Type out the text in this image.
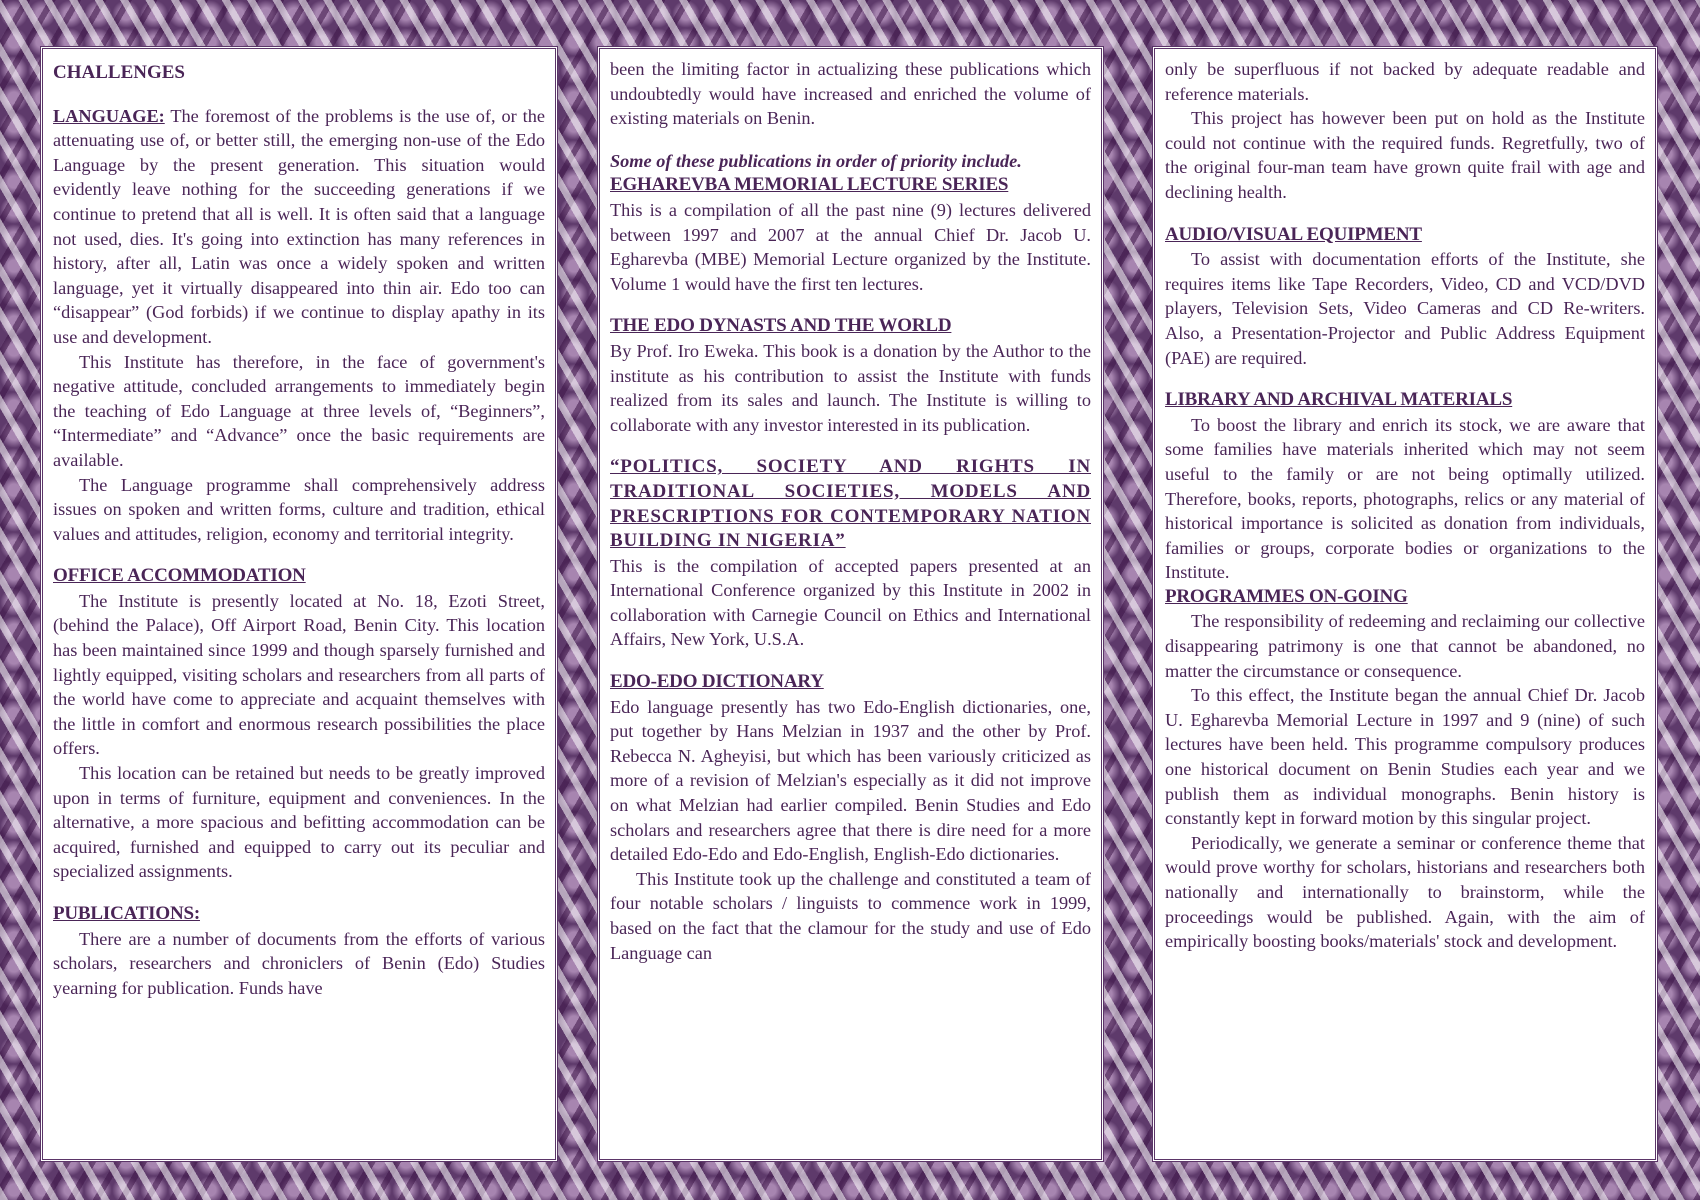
CHALLENGES

LANGUAGE: The foremost of the problems is the use of, or the attenuating use of, or better still, the emerging non-use of the Edo Language by the present generation. This situation would evidently leave nothing for the succeeding generations if we continue to pretend that all is well. It is often said that a language not used, dies. It's going into extinction has many references in history, after all, Latin was once a widely spoken and written language, yet it virtually disappeared into thin air. Edo too can “disappear” (God forbids) if we continue to display apathy in its use and development.

This Institute has therefore, in the face of government's negative attitude, concluded arrangements to immediately begin the teaching of Edo Language at three levels of, “Beginners”, “Intermediate” and “Advance” once the basic requirements are available.

The Language programme shall comprehensively address issues on spoken and written forms, culture and tradition, ethical values and attitudes, religion, economy and territorial integrity.

OFFICE ACCOMMODATION

The Institute is presently located at No. 18, Ezoti Street, (behind the Palace), Off Airport Road, Benin City. This location has been maintained since 1999 and though sparsely furnished and lightly equipped, visiting scholars and researchers from all parts of the world have come to appreciate and acquaint themselves with the little in comfort and enormous research possibilities the place offers.

This location can be retained but needs to be greatly improved upon in terms of furniture, equipment and conveniences. In the alternative, a more spacious and befitting accommodation can be acquired, furnished and equipped to carry out its peculiar and specialized assignments.

PUBLICATIONS:

There are a number of documents from the efforts of various scholars, researchers and chroniclers of Benin (Edo) Studies yearning for publication. Funds have

been the limiting factor in actualizing these publications which undoubtedly would have increased and enriched the volume of existing materials on Benin.

Some of these publications in order of priority include.

EGHAREVBA MEMORIAL LECTURE SERIES

This is a compilation of all the past nine (9) lectures delivered between 1997 and 2007 at the annual Chief Dr. Jacob U. Egharevba (MBE) Memorial Lecture organized by the Institute. Volume 1 would have the first ten lectures.

THE EDO DYNASTS AND THE WORLD

By Prof. Iro Eweka. This book is a donation by the Author to the institute as his contribution to assist the Institute with funds realized from its sales and launch. The Institute is willing to collaborate with any investor interested in its publication.

“POLITICS, SOCIETY AND RIGHTS IN TRADITIONAL SOCIETIES, MODELS AND PRESCRIPTIONS FOR CONTEMPORARY NATION BUILDING IN NIGERIA”

This is the compilation of accepted papers presented at an International Conference organized by this Institute in 2002 in collaboration with Carnegie Council on Ethics and International Affairs, New York, U.S.A.

EDO-EDO DICTIONARY

Edo language presently has two Edo-English dictionaries, one, put together by Hans Melzian in 1937 and the other by Prof. Rebecca N. Agheyisi, but which has been variously criticized as more of a revision of Melzian's especially as it did not improve on what Melzian had earlier compiled. Benin Studies and Edo scholars and researchers agree that there is dire need for a more detailed Edo-Edo and Edo-English, English-Edo dictionaries.

This Institute took up the challenge and constituted a team of four notable scholars / linguists to commence work in 1999, based on the fact that the clamour for the study and use of Edo Language can

only be superfluous if not backed by adequate readable and reference materials.

This project has however been put on hold as the Institute could not continue with the required funds. Regretfully, two of the original four-man team have grown quite frail with age and declining health.

AUDIO/VISUAL EQUIPMENT

To assist with documentation efforts of the Institute, she requires items like Tape Recorders, Video, CD and VCD/DVD players, Television Sets, Video Cameras and CD Re-writers. Also, a Presentation-Projector and Public Address Equipment (PAE) are required.

LIBRARY AND ARCHIVAL MATERIALS

To boost the library and enrich its stock, we are aware that some families have materials inherited which may not seem useful to the family or are not being optimally utilized. Therefore, books, reports, photographs, relics or any material of historical importance is solicited as donation from individuals, families or groups, corporate bodies or organizations to the Institute.

PROGRAMMES ON-GOING

The responsibility of redeeming and reclaiming our collective disappearing patrimony is one that cannot be abandoned, no matter the circumstance or consequence.

To this effect, the Institute began the annual Chief Dr. Jacob U. Egharevba Memorial Lecture in 1997 and 9 (nine) of such lectures have been held. This programme compulsory produces one historical document on Benin Studies each year and we publish them as individual monographs. Benin history is constantly kept in forward motion by this singular project.

Periodically, we generate a seminar or conference theme that would prove worthy for scholars, historians and researchers both nationally and internationally to brainstorm, while the proceedings would be published. Again, with the aim of empirically boosting books/materials' stock and development.
